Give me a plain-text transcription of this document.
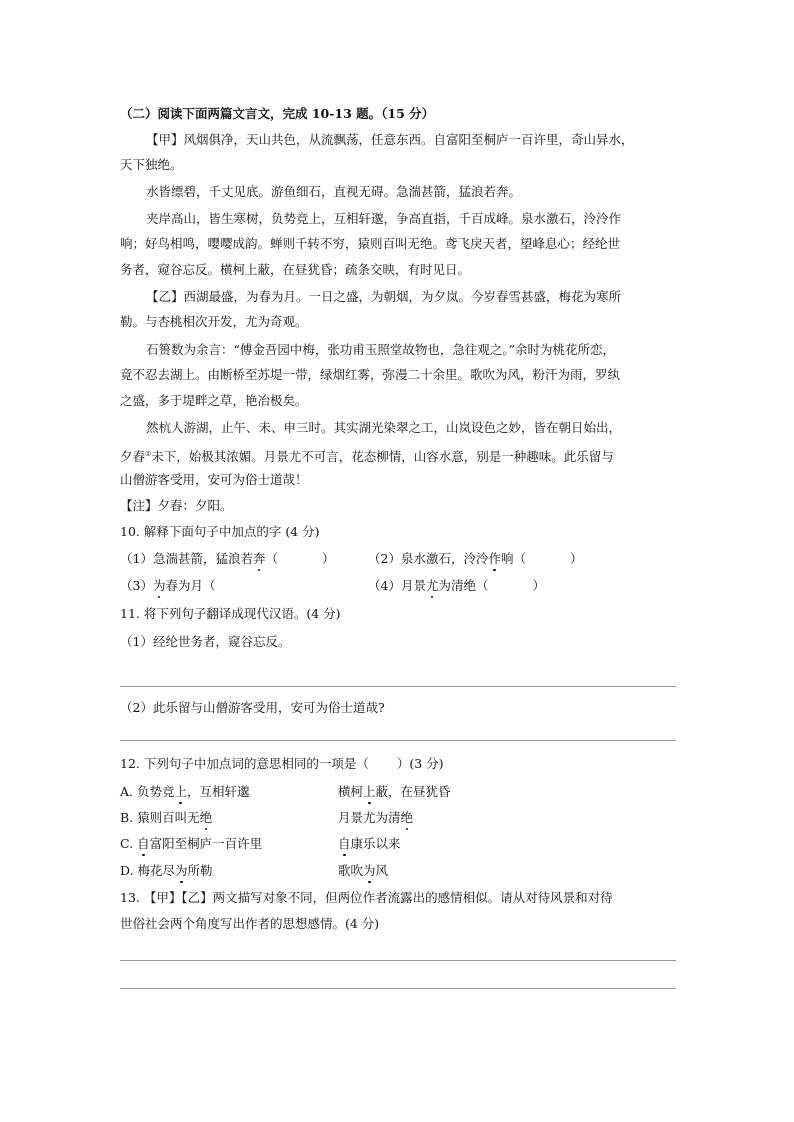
（二）阅读下面两篇文言文，完成 10-13 题。（15 分）
【甲】风烟俱净，天山共色，从流飘荡，任意东西。自富阳至桐庐一百许里，奇山异水，
天下独绝。
水皆缥碧，千丈见底。游鱼细石，直视无碍。急湍甚箭，猛浪若奔。
夹岸高山，皆生寒树，负势竞上，互相轩邈，争高直指，千百成峰。泉水激石，泠泠作
响；好鸟相鸣，嘤嘤成韵。蝉则千转不穷，猿则百叫无绝。鸢飞戾天者，望峰息心；经纶世
务者，窥谷忘反。横柯上蔽，在昼犹昏；疏条交映，有时见日。
【乙】西湖最盛，为春为月。一日之盛，为朝烟，为夕岚。今岁春雪甚盛，梅花为寒所
勒。与杏桃相次开发，尤为奇观。
石篑数为余言：“傅金吾园中梅，张功甫玉照堂故物也，急往观之。”余时为桃花所恋，
竟不忍去湖上。由断桥至苏堤一带，绿烟红雾，弥漫二十余里。歌吹为风，粉汗为雨，罗纨
之盛，多于堤畔之草，艳冶极矣。
然杭人游湖，止午、未、申三时。其实湖光染翠之工，山岚设色之妙，皆在朝日始出，
夕舂①未下，始极其浓媚。月景尤不可言，花态柳情，山容水意，别是一种趣味。此乐留与
山僧游客受用，安可为俗士道哉！
【注】夕舂：夕阳。
10. 解释下面句子中加点的字 (4 分)
（1）急湍甚箭，猛浪若奔（	）	（2）泉水激石，泠泠作响（	）
（3）为春为月（	（4）月景尤为清绝（	）
11. 将下列句子翻译成现代汉语。(4 分)
（1）经纶世务者，窥谷忘反。
（2）此乐留与山僧游客受用，安可为俗士道哉?
12. 下列句子中加点词的意思相同的一项是（ ）(3 分)
A. 负势竞上，互相轩邈	横柯上蔽，在昼犹昏
B. 猿则百叫无绝	月景尤为清绝
C. 自富阳至桐庐一百许里	自康乐以来
D. 梅花尽为所勒	歌吹为风
13. 【甲】【乙】两文描写对象不同，但两位作者流露出的感情相似。请从对待风景和对待
世俗社会两个角度写出作者的思想感情。(4 分)
